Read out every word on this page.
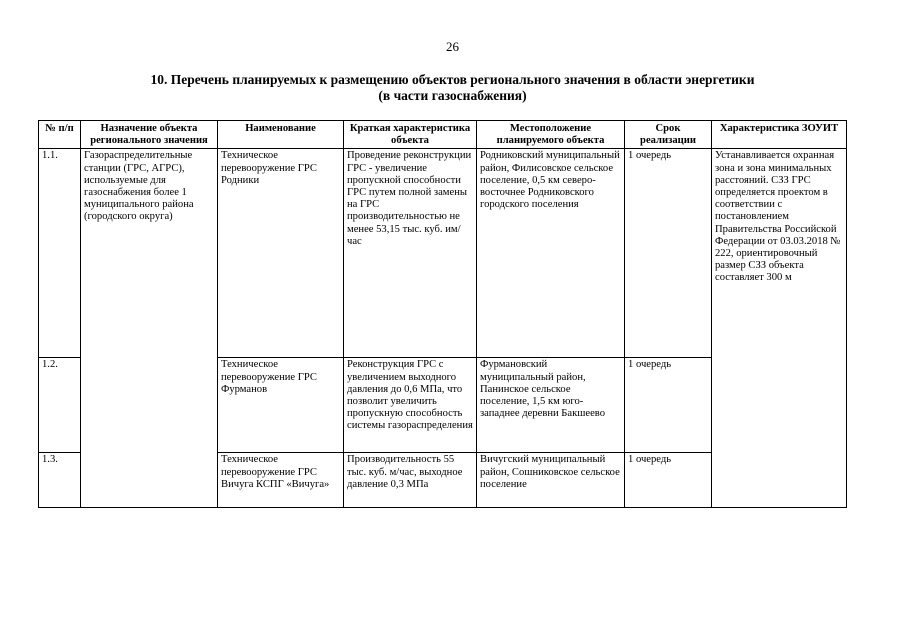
26
10. Перечень планируемых к размещению объектов регионального значения в области энергетики
(в части газоснабжения)
№ п/п	Назначение объекта регионального значения	Наименование	Краткая характеристика объекта	Местоположение планируемого объекта	Срок реализации	Характеристика ЗОУИТ
1.1.	Газораспределительные станции (ГРС, АГРС), используемые для газоснабжения более 1 муниципального района (городского округа)	Техническое перевооружение ГРС Родники	Проведение реконструкции ГРС - увеличение пропускной способности ГРС путем полной замены на ГРС производительностью не менее 53,15 тыс. куб. им/час	Родниковский муниципальный район, Филисовское сельское поселение, 0,5 км северо-восточнее Родниковского городского поселения	1 очередь	Устанавливается охранная зона и зона минимальных расстояний. СЗЗ ГРС определяется проектом в соответствии с постановлением Правительства Российской Федерации от 03.03.2018 № 222, ориентировочный размер СЗЗ объекта составляет 300 м
1.2.		Техническое перевооружение ГРС Фурманов	Реконструкция ГРС с увеличением выходного давления до 0,6 МПа, что позволит увеличить пропускную способность системы газораспределения	Фурмановский муниципальный район, Панинское сельское поселение, 1,5 км юго-западнее деревни Бакшеево	1 очередь	
1.3.		Техническое перевооружение ГРС Вичуга КСПГ «Вичуга»	Производительность 55 тыс. куб. м/час, выходное давление 0,3 МПа	Вичугский муниципальный район, Сошниковское сельское поселение	1 очередь	
